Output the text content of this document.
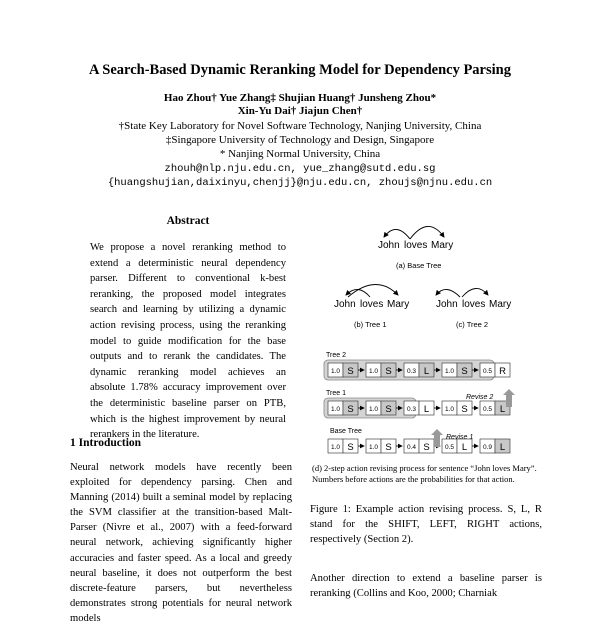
A Search-Based Dynamic Reranking Model for Dependency Parsing
Hao Zhou† Yue Zhang‡ Shujian Huang† Junsheng Zhou*
Xin-Yu Dai† Jiajun Chen†
†State Key Laboratory for Novel Software Technology, Nanjing University, China
‡Singapore University of Technology and Design, Singapore
* Nanjing Normal University, China
zhouh@nlp.nju.edu.cn, yue_zhang@sutd.edu.sg
{huangshujian,daixinyu,chenjj}@nju.edu.cn, zhoujs@njnu.edu.cn
Abstract
We propose a novel reranking method to extend a deterministic neural dependency parser. Different to conventional k-best reranking, the proposed model integrates search and learning by utilizing a dynamic action revising process, using the reranking model to guide modification for the base outputs and to rerank the candidates. The dynamic reranking model achieves an absolute 1.78% accuracy improvement over the deterministic baseline parser on PTB, which is the highest improvement by neural rerankers in the literature.
1 Introduction
Neural network models have recently been exploited for dependency parsing. Chen and Manning (2014) built a seminal model by replacing the SVM classifier at the transition-based Malt-Parser (Nivre et al., 2007) with a feed-forward neural network, achieving significantly higher accuracies and faster speed. As a local and greedy neural baseline, it does not outperform the best discrete-feature parsers, but nevertheless demonstrates strong potentials for neural network models
John loves Mary
(a) Base Tree
John loves Mary
(b) Tree 1
John loves Mary
(c) Tree 2
Tree 2
Tree 1
Base Tree
1.0 S 1.0 S 0.3 L 1.0 S 0.5 R
1.0 S 1.0 S 0.3 L 1.0 S 0.5 L
1.0 S 1.0 S 0.4 S 0.5 L 0.9 L
Revise 1
Revise 2
(d) 2-step action revising process for sentence “John loves Mary”. Numbers before actions are the probabilities for that action.
Figure 1: Example action revising process. S, L, R stand for the SHIFT, LEFT, RIGHT actions, respectively (Section 2).
Another direction to extend a baseline parser is reranking (Collins and Koo, 2000; Charniak
